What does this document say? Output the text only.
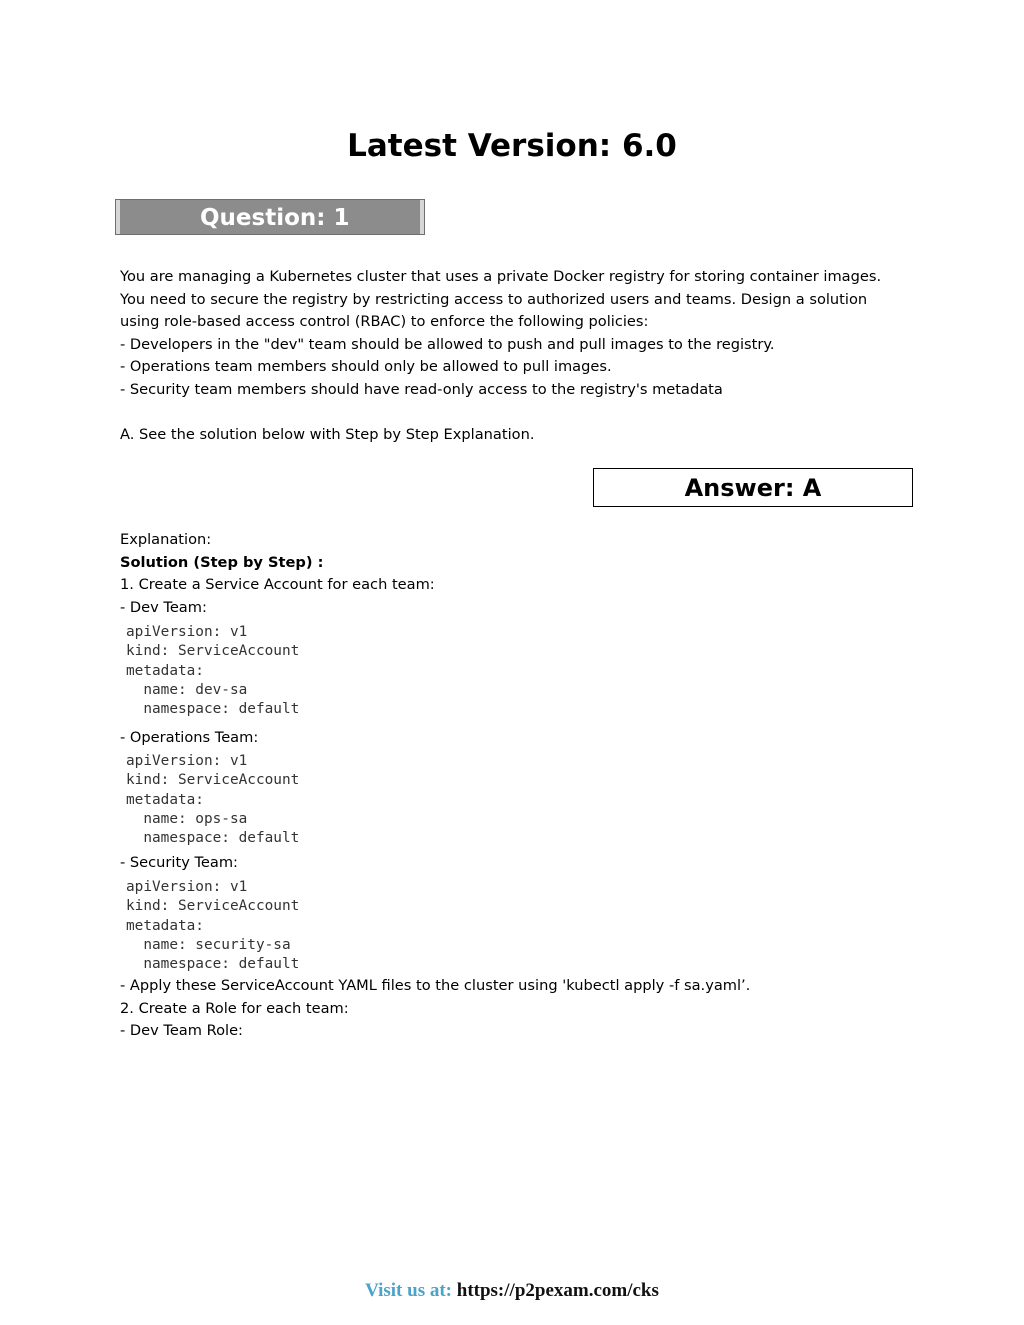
Latest Version: 6.0
Question: 1
You are managing a Kubernetes cluster that uses a private Docker registry for storing container images.
You need to secure the registry by restricting access to authorized users and teams. Design a solution
using role-based access control (RBAC) to enforce the following policies:
- Developers in the "dev" team should be allowed to push and pull images to the registry.
- Operations team members should only be allowed to pull images.
- Security team members should have read-only access to the registry's metadata
A. See the solution below with Step by Step Explanation.
Answer: A
Explanation:
Solution (Step by Step) :
1. Create a Service Account for each team:
- Dev Team:
apiVersion: v1
kind: ServiceAccount
metadata:
name: dev-sa
namespace: default
- Operations Team:
apiVersion: v1
kind: ServiceAccount
metadata:
name: ops-sa
namespace: default
- Security Team:
apiVersion: v1
kind: ServiceAccount
metadata:
name: security-sa
namespace: default
- Apply these ServiceAccount YAML files to the cluster using 'kubectl apply -f sa.yaml’.
2. Create a Role for each team:
- Dev Team Role:
Visit us at: https://p2pexam.com/cks
